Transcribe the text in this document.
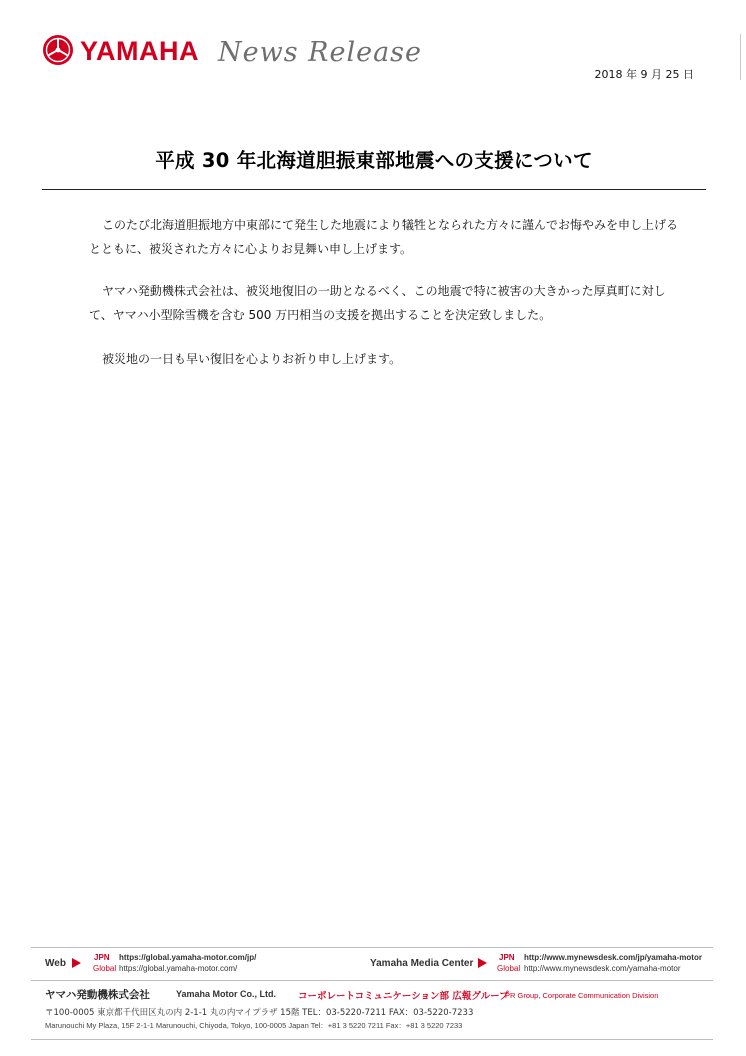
YAMAHA News Release
2018 年 9 月 25 日
平成 30 年北海道胆振東部地震への支援について

このたび北海道胆振地方中東部にて発生した地震により犠牲となられた方々に謹んでお悔やみを申し上げるとともに、被災された方々に心よりお見舞い申し上げます。

ヤマハ発動機株式会社は、被災地復旧の一助となるべく、この地震で特に被害の大きかった厚真町に対して、ヤマハ小型除雪機を含む 500 万円相当の支援を拠出することを決定致しました。

被災地の一日も早い復旧を心よりお祈り申し上げます。

Web
JPN
Global
https://global.yamaha-motor.com/jp/
https://global.yamaha-motor.com/	Yamaha Media Center
JPN
Global
http://www.mynewsdesk.com/jp/yamaha-motor
http://www.mynewsdesk.com/yamaha-motor
ヤマハ発動機株式会社	Yamaha Motor Co., Ltd. コーポレートコミュニケーション部 広報グループ
PR Group, Corporate Communication Division
〒100-0005 東京都千代田区丸の内 2-1-1 丸の内マイプラザ 15階 TEL：03-5220-7211 FAX：03-5220-7233
Marunouchi My Plaza, 15F 2-1-1 Marunouchi, Chiyoda, Tokyo, 100-0005 Japan Tel：+81 3 5220 7211 Fax：+81 3 5220 7233
